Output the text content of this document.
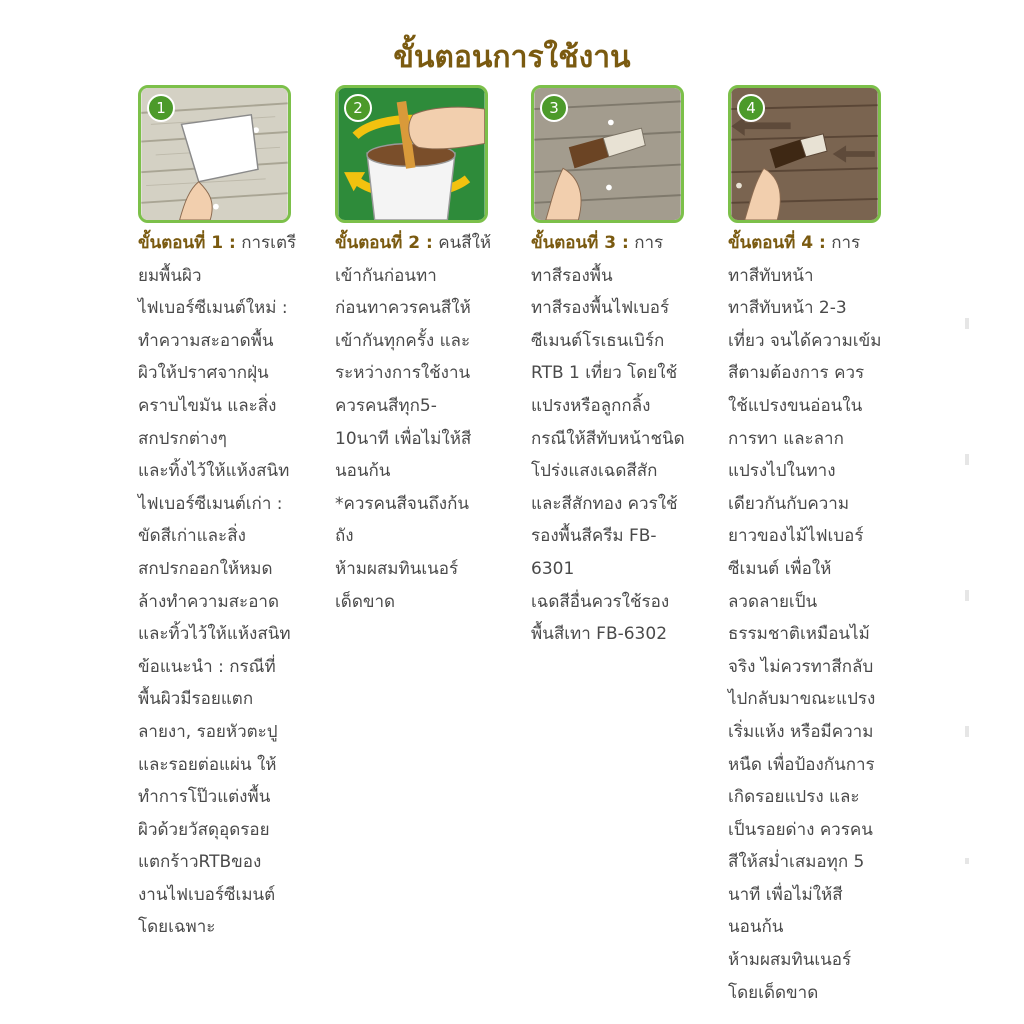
ขั้นตอนการใช้งาน
1
ขั้นตอนที่ 1 : การเตรี
ยมพื้นผิว
ไฟเบอร์ซีเมนต์ใหม่ :
ทำความสะอาดพื้น
ผิวให้ปราศจากฝุ่น
คราบไขมัน และสิ่ง
สกปรกต่างๆ
และทิ้งไว้ให้แห้งสนิท
ไฟเบอร์ซีเมนต์เก่า :
ขัดสีเก่าและสิ่ง
สกปรกออกให้หมด
ล้างทำความสะอาด
และทิ้วไว้ให้แห้งสนิท
ข้อแนะนำ : กรณีที่
พื้นผิวมีรอยแตก
ลายงา, รอยหัวตะปู
และรอยต่อแผ่น ให้
ทำการโป๊วแต่งพื้น
ผิวด้วยวัสดุอุดรอย
แตกร้าวRTBของ
งานไฟเบอร์ซีเมนต์
โดยเฉพาะ
2
ขั้นตอนที่ 2 : คนสีให้
เข้ากันก่อนทา
ก่อนทาควรคนสีให้
เข้ากันทุกครั้ง และ
ระหว่างการใช้งาน
ควรคนสีทุก5-
10นาที เพื่อไม่ให้สี
นอนก้น
*ควรคนสีจนถึงก้น
ถัง
ห้ามผสมทินเนอร์
เด็ดขาด
3
ขั้นตอนที่ 3 : การ
ทาสีรองพื้น
ทาสีรองพื้นไฟเบอร์
ซีเมนต์โรเธนเบิร์ก
RTB 1 เที่ยว โดยใช้
แปรงหรือลูกกลิ้ง
กรณีให้สีทับหน้าชนิด
โปร่งแสงเฉดสีสัก
และสีสักทอง ควรใช้
รองพื้นสีครีม FB-
6301
เฉดสีอื่นควรใช้รอง
พื้นสีเทา FB-6302
4
ขั้นตอนที่ 4 : การ
ทาสีทับหน้า
ทาสีทับหน้า 2-3
เที่ยว จนได้ความเข้ม
สีตามต้องการ ควร
ใช้แปรงขนอ่อนใน
การทา และลาก
แปรงไปในทาง
เดียวกันกับความ
ยาวของไม้ไฟเบอร์
ซีเมนต์ เพื่อให้
ลวดลายเป็น
ธรรมชาติเหมือนไม้
จริง ไม่ควรทาสีกลับ
ไปกลับมาขณะแปรง
เริ่มแห้ง หรือมีความ
หนืด เพื่อป้องกันการ
เกิดรอยแปรง และ
เป็นรอยด่าง ควรคน
สีให้สม่ำเสมอทุก 5
นาที เพื่อไม่ให้สี
นอนก้น
ห้ามผสมทินเนอร์
โดยเด็ดขาด
